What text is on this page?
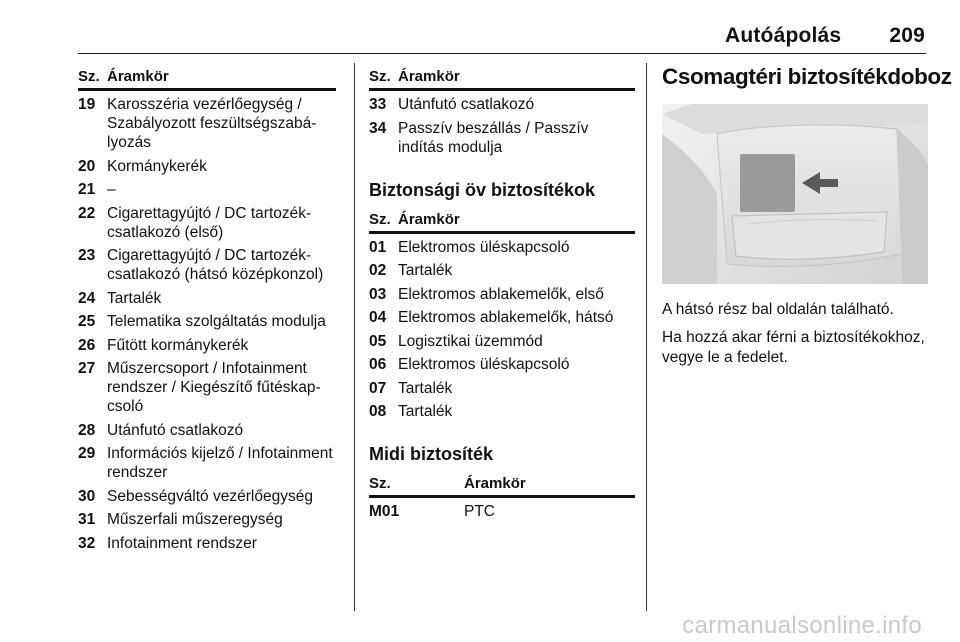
Autóápolás 209
Sz. Áramkör
19 Karosszéria vezérlőegység / Szabályozott feszültségszabályozás
20 Kormánykerék
21 –
22 Cigarettagyújtó / DC tartozékcsatlakozó (első)
23 Cigarettagyújtó / DC tartozékcsatlakozó (hátsó középkonzol)
24 Tartalék
25 Telematika szolgáltatás modulja
26 Fűtött kormánykerék
27 Műszercsoport / Infotainment rendszer / Kiegészítő fűtéskapcsoló
28 Utánfutó csatlakozó
29 Információs kijelző / Infotainment rendszer
30 Sebességváltó vezérlőegység
31 Műszerfali műszeregység
32 Infotainment rendszer
Sz. Áramkör
33 Utánfutó csatlakozó
34 Passzív beszállás / Passzív indítás modulja
Biztonsági öv biztosítékok
Sz. Áramkör
01 Elektromos üléskapcsoló
02 Tartalék
03 Elektromos ablakemelők, első
04 Elektromos ablakemelők, hátsó
05 Logisztikai üzemmód
06 Elektromos üléskapcsoló
07 Tartalék
08 Tartalék
Midi biztosíték
Sz.	Áramkör
M01	PTC
Csomagtéri biztosítékdoboz
A hátsó rész bal oldalán található.
Ha hozzá akar férni a biztosítékokhoz, vegye le a fedelet.
carmanualsonline.info
